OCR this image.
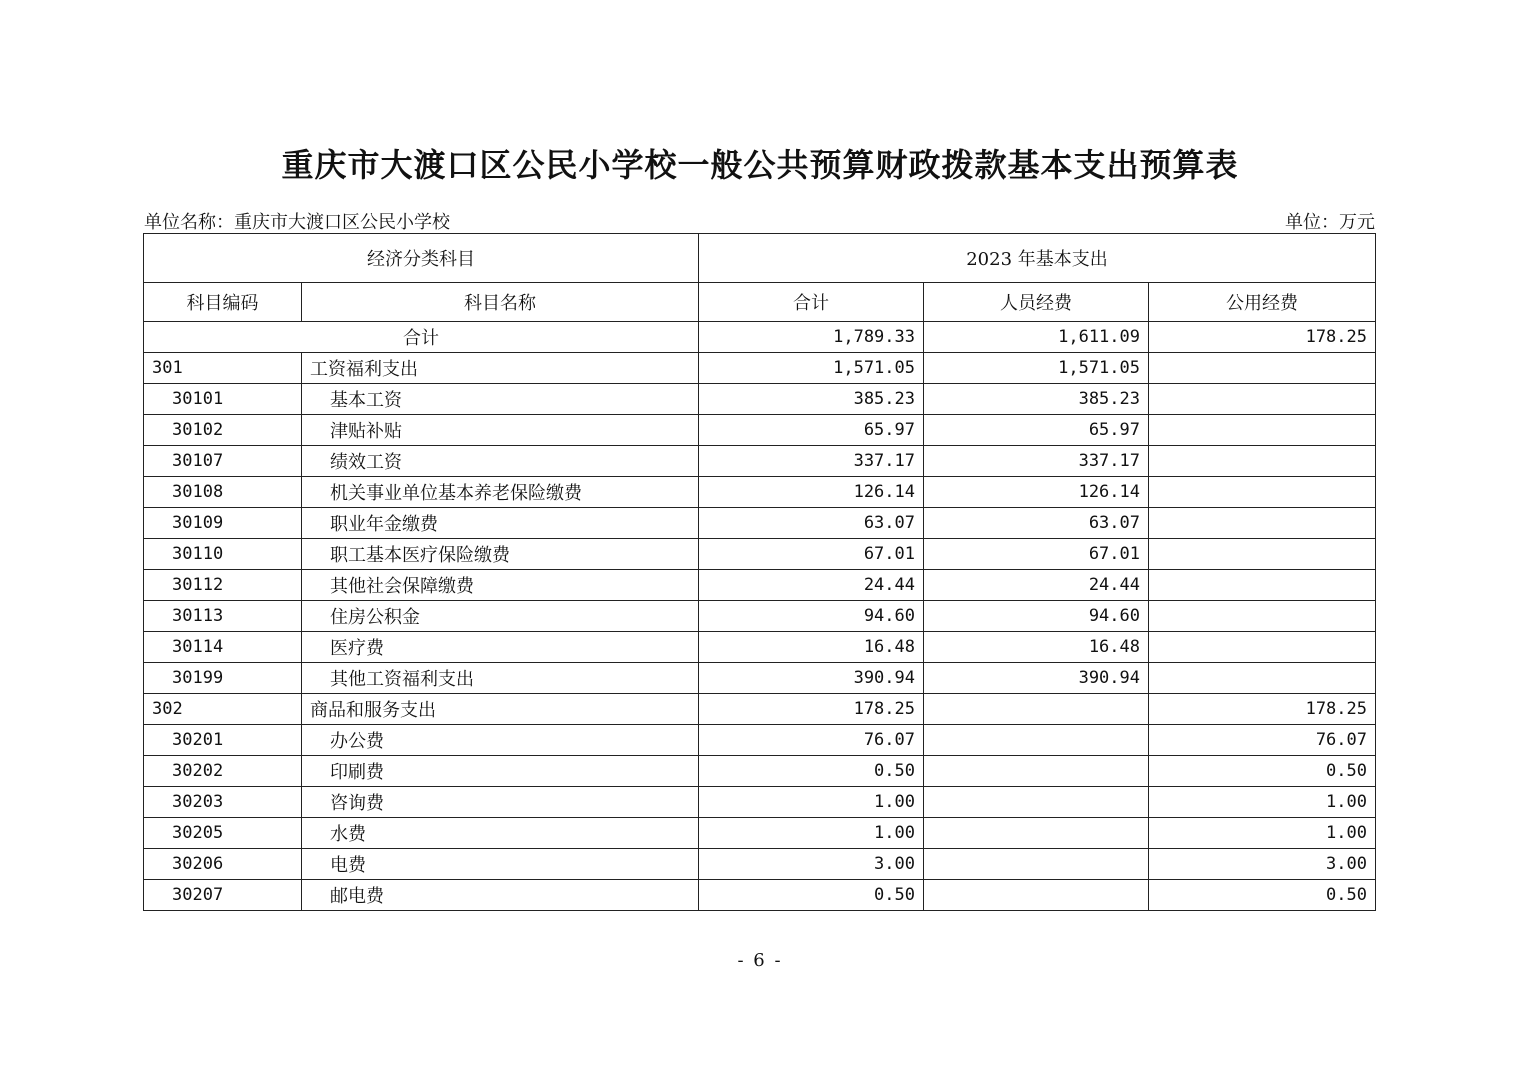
重庆市大渡口区公民小学校一般公共预算财政拨款基本支出预算表
单位名称：重庆市大渡口区公民小学校	单位：万元
经济分类科目		2023 年基本支出		
科目编码	科目名称	合计	人员经费	公用经费
合计		1,789.33	1,611.09	178.25
301	工资福利支出	1,571.05	1,571.05	
30101	基本工资	385.23	385.23	
30102	津贴补贴	65.97	65.97	
30107	绩效工资	337.17	337.17	
30108	机关事业单位基本养老保险缴费	126.14	126.14	
30109	职业年金缴费	63.07	63.07	
30110	职工基本医疗保险缴费	67.01	67.01	
30112	其他社会保障缴费	24.44	24.44	
30113	住房公积金	94.60	94.60	
30114	医疗费	16.48	16.48	
30199	其他工资福利支出	390.94	390.94	
302	商品和服务支出	178.25		178.25
30201	办公费	76.07		76.07
30202	印刷费	0.50		0.50
30203	咨询费	1.00		1.00
30205	水费	1.00		1.00
30206	电费	3.00		3.00
30207	邮电费	0.50		0.50
- 6 -
